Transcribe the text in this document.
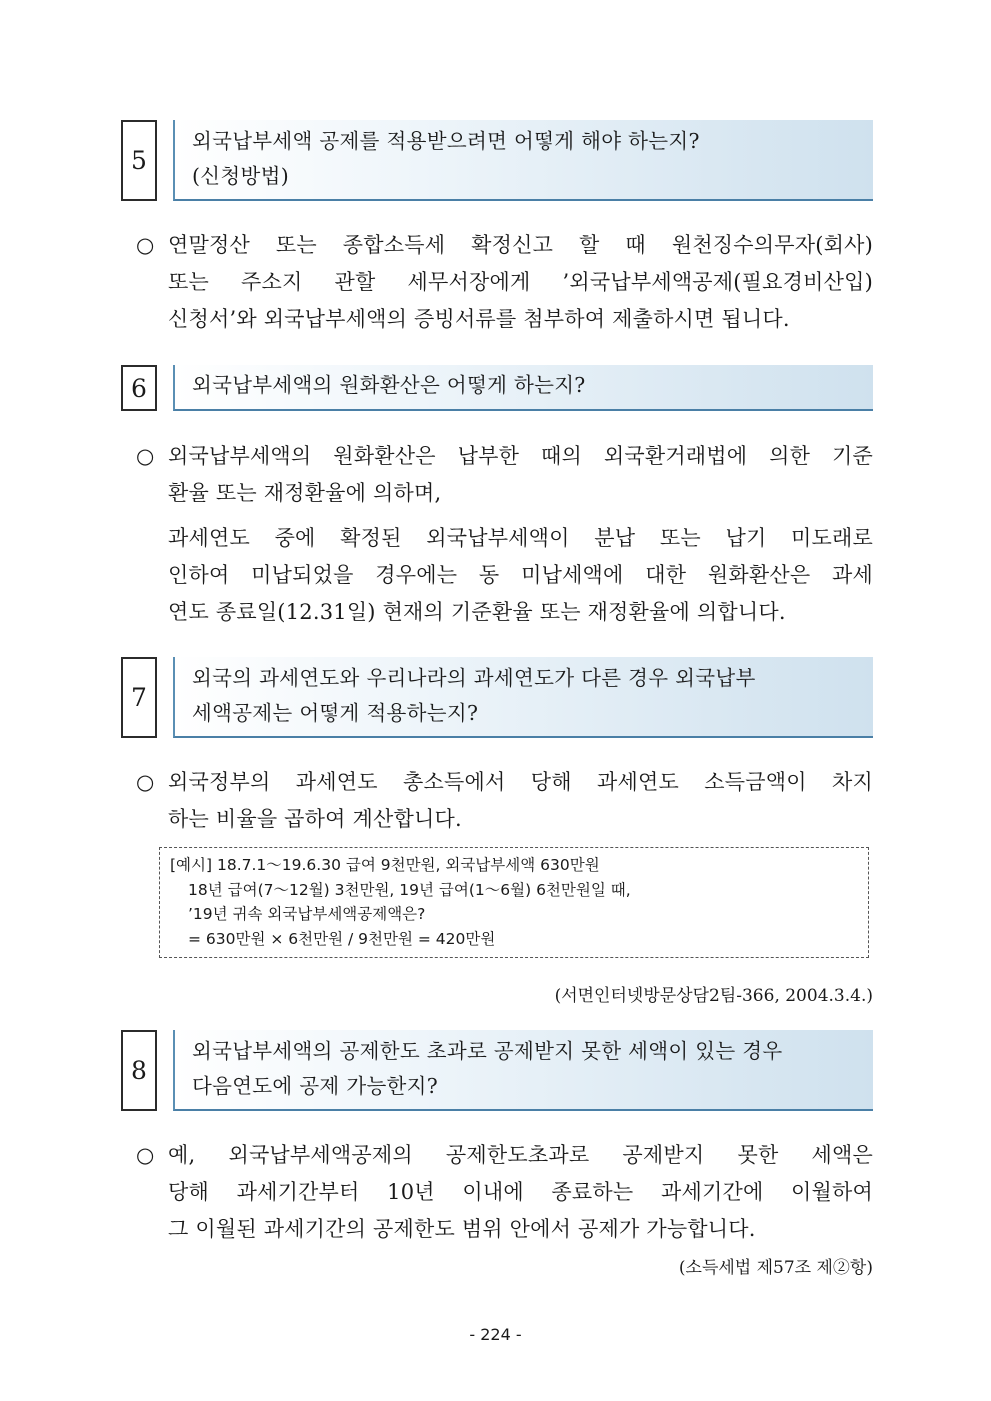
5
외국납부세액 공제를 적용받으려면 어떻게 해야 하는지?
(신청방법)
○ 연말정산 또는 종합소득세 확정신고 할 때 원천징수의무자(회사)
또는 주소지 관할 세무서장에게 ’외국납부세액공제(필요경비산입)
신청서’와 외국납부세액의 증빙서류를 첨부하여 제출하시면 됩니다.
6	외국납부세액의 원화환산은 어떻게 하는지?
○ 외국납부세액의 원화환산은 납부한 때의 외국환거래법에 의한 기준
환율 또는 재정환율에 의하며,
과세연도 중에 확정된 외국납부세액이 분납 또는 납기 미도래로
인하여 미납되었을 경우에는 동 미납세액에 대한 원화환산은 과세
연도 종료일(12.31일) 현재의 기준환율 또는 재정환율에 의합니다.
7
외국의 과세연도와 우리나라의 과세연도가 다른 경우 외국납부
세액공제는 어떻게 적용하는지?
○ 외국정부의 과세연도 총소득에서 당해 과세연도 소득금액이 차지
하는 비율을 곱하여 계산합니다.
[예시] 18.7.1～19.6.30 급여 9천만원, 외국납부세액 630만원
18년 급여(7～12월) 3천만원, 19년 급여(1～6월) 6천만원일 때,
’19년 귀속 외국납부세액공제액은?
= 630만원 × 6천만원 / 9천만원 = 420만원
(서면인터넷방문상담2팀-366, 2004.3.4.)
8
외국납부세액의 공제한도 초과로 공제받지 못한 세액이 있는 경우
다음연도에 공제 가능한지?
○ 예, 외국납부세액공제의 공제한도초과로 공제받지 못한 세액은
당해 과세기간부터 10년 이내에 종료하는 과세기간에 이월하여
그 이월된 과세기간의 공제한도 범위 안에서 공제가 가능합니다.
(소득세법 제57조 제②항)
- 224 -
